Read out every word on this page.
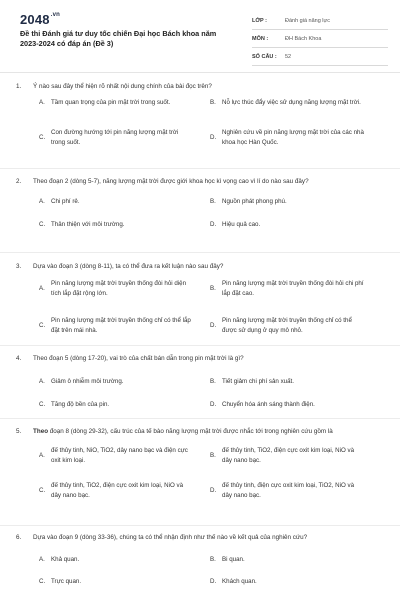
$2048^{.vn}$
Đề thi Đánh giá tư duy tốc chiến Đại học Bách khoa năm 2023-2024 có đáp án (Đề 3)
LỚP :	Đánh giá năng lực
MÔN :	ĐH Bách Khoa
SỐ CÂU :	52
1.	Ý nào sau đây thể hiện rõ nhất nội dung chính của bài đọc trên?
A. Tầm quan trọng của pin mặt trời trong suốt.	B. Nỗ lực thúc đẩy việc sử dụng năng lượng mặt trời.
C.
Con đường hướng tới pin năng lượng mặt trời trong suốt.
D.
Nghiên cứu về pin năng lượng mặt trời của các nhà khoa học Hàn Quốc.
2.	Theo đoạn 2 (dòng 5-7), năng lượng mặt trời được giới khoa học kì vọng cao vì lí do nào sau đây?
A. Chi phí rẻ.	B. Nguồn phát phong phú.
C. Thân thiện với môi trường.	D. Hiệu quả cao.
3.	Dựa vào đoạn 3 (dòng 8-11), ta có thể đưa ra kết luận nào sau đây?
A.
Pin năng lượng mặt trời truyền thống đòi hỏi diện tích lắp đặt rộng lớn.
B.
Pin năng lượng mặt trời truyền thống đòi hỏi chi phí lắp đặt cao.
C.
Pin năng lượng mặt trời truyền thống chỉ có thể lắp đặt trên mái nhà.
D.
Pin năng lượng mặt trời truyền thống chỉ có thể được sử dụng ở quy mô nhỏ.
4.	Theo đoạn 5 (dòng 17-20), vai trò của chất bán dẫn trong pin mặt trời là gì?
A. Giảm ô nhiễm môi trường.	B. Tiết giảm chi phí sản xuất.
C. Tăng độ bền của pin.	D. Chuyển hóa ánh sáng thành điện.
5.	Theo đoạn 8 (dòng 29-32), cấu trúc của tế bào năng lượng mặt trời được nhắc tới trong nghiên cứu gồm là
A.
đế thủy tinh, NiO, TiO2, dây nano bạc và điện cực oxit kim loại.
B.
đế thủy tinh, TiO2, điện cực oxit kim loại, NiO và dây nano bạc.
C.
đế thủy tinh, TiO2, điện cực oxit kim loại, NiO và dây nano bạc.
D.
đế thủy tinh, điện cực oxit kim loại, TiO2, NiO và dây nano bạc.
6.	Dựa vào đoạn 9 (dòng 33-36), chúng ta có thể nhận định như thế nào về kết quả của nghiên cứu?
A. Khả quan.	B. Bi quan.
C. Trực quan.	D. Khách quan.
